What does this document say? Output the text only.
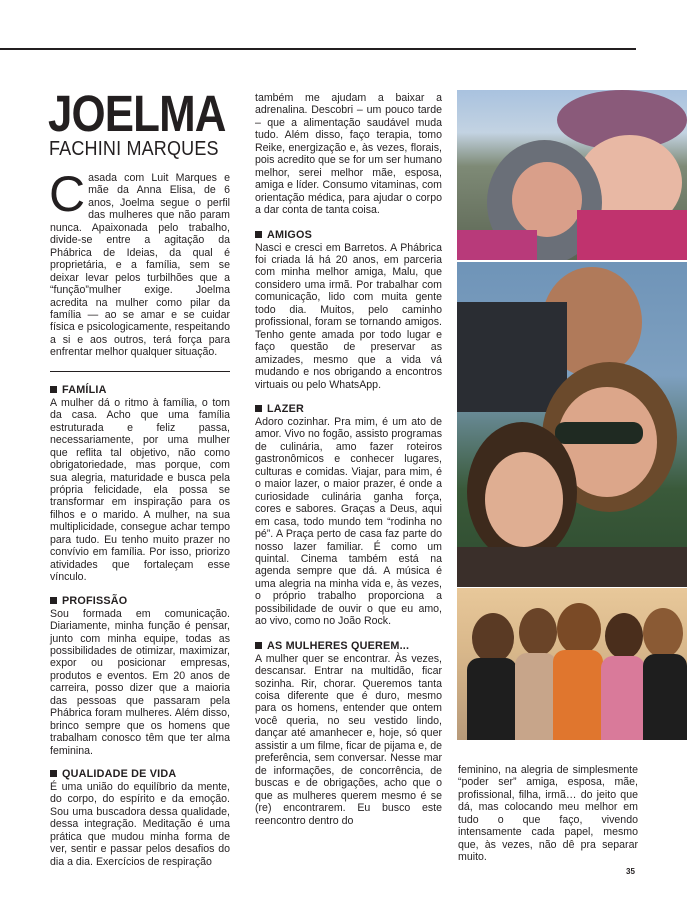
JOELMA
FACHINI MARQUES

Casada com Luit Marques e mãe da Anna Elisa, de 6 anos, Joelma segue o perfil das mulheres que não param nunca. Apaixonada pelo trabalho, divide-se entre a agitação da Phábrica de Ideias, da qual é proprietária, e a família, sem se deixar levar pelos turbilhões que a “função”mulher exige. Joelma acredita na mulher como pilar da família — ao se amar e se cuidar física e psicologicamente, respeitando a si e aos outros, terá força para enfrentar melhor qualquer situação.

FAMÍLIA

A mulher dá o ritmo à família, o tom da casa. Acho que uma família estruturada e feliz passa, necessariamente, por uma mulher que reflita tal objetivo, não como obrigatoriedade, mas porque, com sua alegria, maturidade e busca pela própria felicidade, ela possa se transformar em inspiração para os filhos e o marido. A mulher, na sua multiplicidade, consegue achar tempo para tudo. Eu tenho muito prazer no convívio em família. Por isso, priorizo atividades que fortaleçam esse vínculo.

PROFISSÃO

Sou formada em comunicação. Diariamente, minha função é pensar, junto com minha equipe, todas as possibilidades de otimizar, maximizar, expor ou posicionar empresas, produtos e eventos. Em 20 anos de carreira, posso dizer que a maioria das pessoas que passaram pela Phábrica foram mulheres. Além disso, brinco sempre que os homens que trabalham conosco têm que ter alma feminina.

QUALIDADE DE VIDA

É uma união do equilíbrio da mente, do corpo, do espírito e da emoção. Sou uma buscadora dessa qualidade, dessa integração. Meditação é uma prática que mudou minha forma de ver, sentir e passar pelos desafios do dia a dia. Exercícios de respiração

também me ajudam a baixar a adrenalina. Descobri – um pouco tarde – que a alimentação saudável muda tudo. Além disso, faço terapia, tomo Reike, energização e, às vezes, florais, pois acredito que se for um ser humano melhor, serei melhor mãe, esposa, amiga e líder. Consumo vitaminas, com orientação médica, para ajudar o corpo a dar conta de tanta coisa.

AMIGOS

Nasci e cresci em Barretos. A Phábrica foi criada lá há 20 anos, em parceria com minha melhor amiga, Malu, que considero uma irmã. Por trabalhar com comunicação, lido com muita gente todo dia. Muitos, pelo caminho profissional, foram se tornando amigos. Tenho gente amada por todo lugar e faço questão de preservar as amizades, mesmo que a vida vá mudando e nos obrigando a encontros virtuais ou pelo WhatsApp.

LAZER

Adoro cozinhar. Pra mim, é um ato de amor. Vivo no fogão, assisto programas de culinária, amo fazer roteiros gastronômicos e conhecer lugares, culturas e comidas. Viajar, para mim, é o maior lazer, o maior prazer, é onde a curiosidade culinária ganha força, cores e sabores. Graças a Deus, aqui em casa, todo mundo tem “rodinha no pé”. A Praça perto de casa faz parte do nosso lazer familiar. É como um quintal. Cinema também está na agenda sempre que dá. A música é uma alegria na minha vida e, às vezes, o próprio trabalho proporciona a possibilidade de ouvir o que eu amo, ao vivo, como no João Rock.

AS MULHERES QUEREM...

A mulher quer se encontrar. Às vezes, descansar. Entrar na multidão, ficar sozinha. Rir, chorar. Queremos tanta coisa diferente que é duro, mesmo para os homens, entender que ontem você queria, no seu vestido lindo, dançar até amanhecer e, hoje, só quer assistir a um filme, ficar de pijama e, de preferência, sem conversar. Nesse mar de informações, de concorrência, de buscas e de obrigações, acho que o que as mulheres querem mesmo é se (re) encontrarem. Eu busco este reencontro dentro do

feminino, na alegria de simplesmente “poder ser” amiga, esposa, mãe, profissional, filha, irmã… do jeito que dá, mas colocando meu melhor em tudo o que faço, vivendo intensamente cada papel, mesmo que, às vezes, não dê pra separar muito.

35
